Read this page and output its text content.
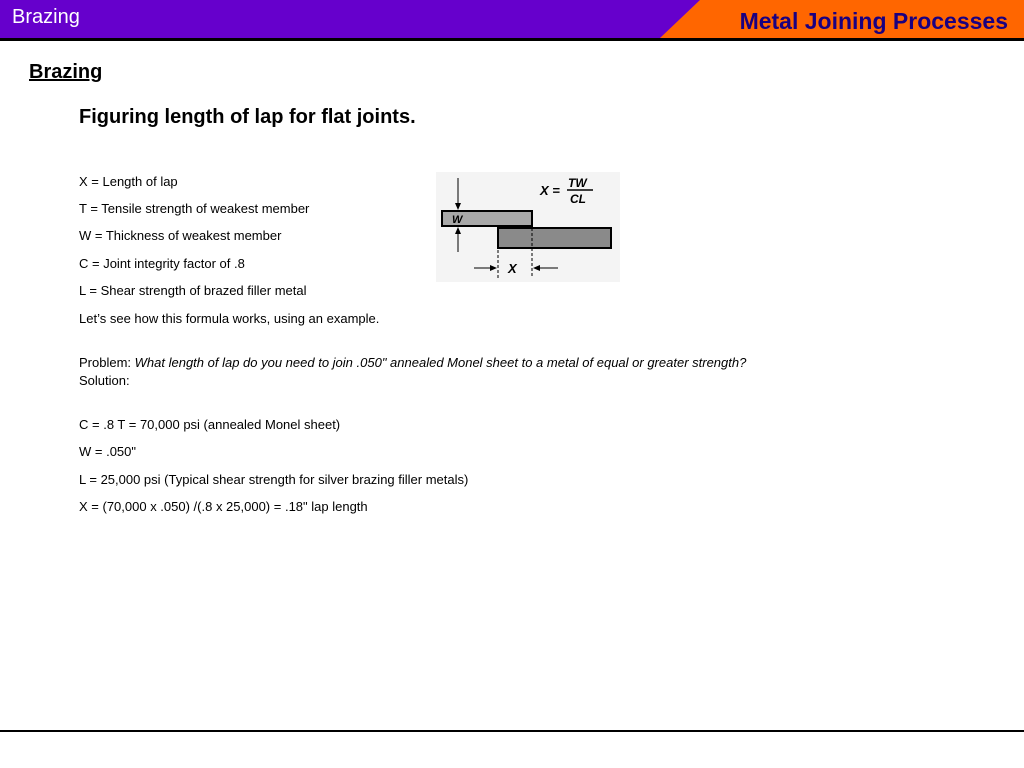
Brazing	Metal Joining Processes
Brazing
Figuring length of lap for flat joints.
X = Length of lap
T = Tensile strength of weakest member
W = Thickness of weakest member
C = Joint integrity factor of .8
L = Shear strength of brazed filler metal
Let’s see how this formula works, using an example.
Problem: What length of lap do you need to join .050" annealed Monel sheet to a metal of equal or greater strength?
Solution:
C = .8 T = 70,000 psi (annealed Monel sheet)
W = .050"
L = 25,000 psi (Typical shear strength for silver brazing filler metals)
X = (70,000 x .050) /(.8 x 25,000) = .18" lap length
X = TW
CL
W
X
